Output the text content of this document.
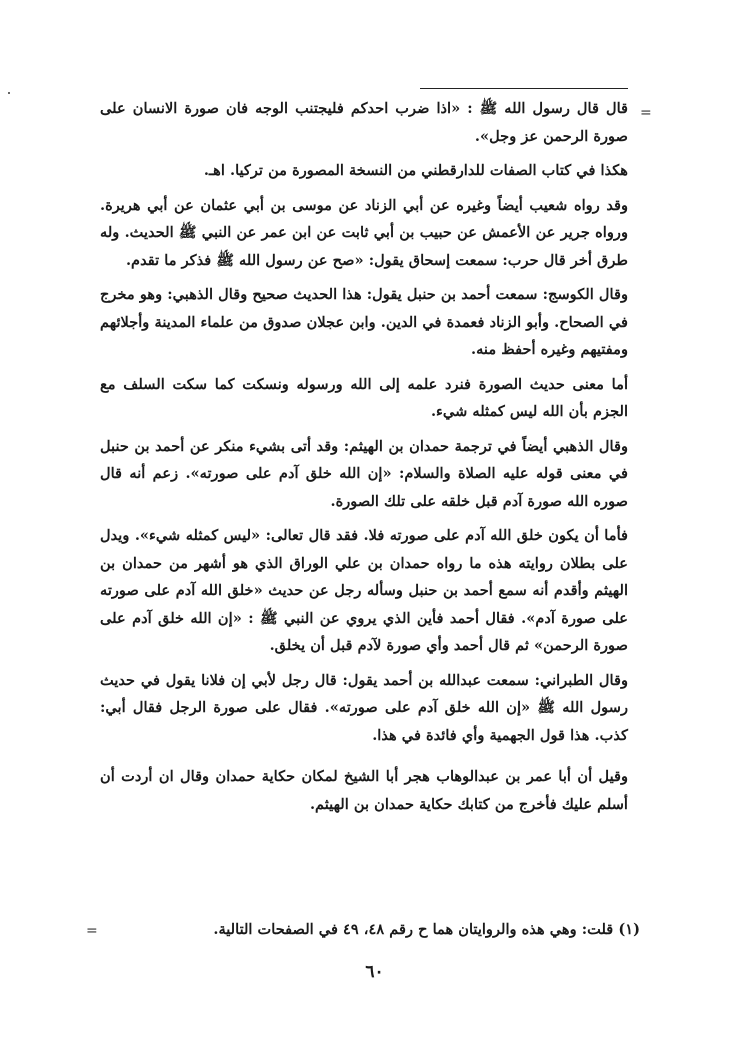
=

قال قال رسول الله ﷺ : «اذا ضرب احدكم فليجتنب الوجه فان صورة الانسان على صورة الرحمن عز وجل».

هكذا في كتاب الصفات للدارقطني من النسخة المصورة من تركيا. اهـ.

وقد رواه شعيب أيضاً وغيره عن أبي الزناد عن موسى بن أبي عثمان عن أبي هريرة. ورواه جرير عن الأعمش عن حبيب بن أبي ثابت عن ابن عمر عن النبي ﷺ الحديث. وله طرق أخر قال حرب: سمعت إسحاق يقول: «صح عن رسول الله ﷺ فذكر ما تقدم.

وقال الكوسج: سمعت أحمد بن حنبل يقول: هذا الحديث صحيح وقال الذهبي: وهو مخرج في الصحاح. وأبو الزناد فعمدة في الدين. وابن عجلان صدوق من علماء المدينة وأجلائهم ومفتيهم وغيره أحفظ منه.

أما معنى حديث الصورة فنرد علمه إلى الله ورسوله ونسكت كما سكت السلف مع الجزم بأن الله ليس كمثله شيء.

وقال الذهبي أيضاً في ترجمة حمدان بن الهيثم: وقد أتى بشيء منكر عن أحمد بن حنبل في معنى قوله عليه الصلاة والسلام: «إن الله خلق آدم على صورته». زعم أنه قال صوره الله صورة آدم قبل خلقه على تلك الصورة.

فأما أن يكون خلق الله آدم على صورته فلا. فقد قال تعالى: «ليس كمثله شيء». ويدل على بطلان روايته هذه ما رواه حمدان بن علي الوراق الذي هو أشهر من حمدان بن الهيثم وأقدم أنه سمع أحمد بن حنبل وسأله رجل عن حديث «خلق الله آدم على صورته على صورة آدم». فقال أحمد فأين الذي يروي عن النبي ﷺ : «إن الله خلق آدم على صورة الرحمن» ثم قال أحمد وأي صورة لآدم قبل أن يخلق.

وقال الطبراني: سمعت عبدالله بن أحمد يقول: قال رجل لأبي إن فلانا يقول في حديث رسول الله ﷺ «إن الله خلق آدم على صورته». فقال على صورة الرجل فقال أبي: كذب. هذا قول الجهمية وأي فائدة في هذا.

وقيل أن أبا عمر بن عبدالوهاب هجر أبا الشيخ لمكان حكاية حمدان وقال ان أردت أن أسلم عليك فأخرج من كتابك حكاية حمدان بن الهيثم.

(١) قلت: وهي هذه والروايتان هما ح رقم ٤٨، ٤٩ في الصفحات التالية.
=
٦٠
